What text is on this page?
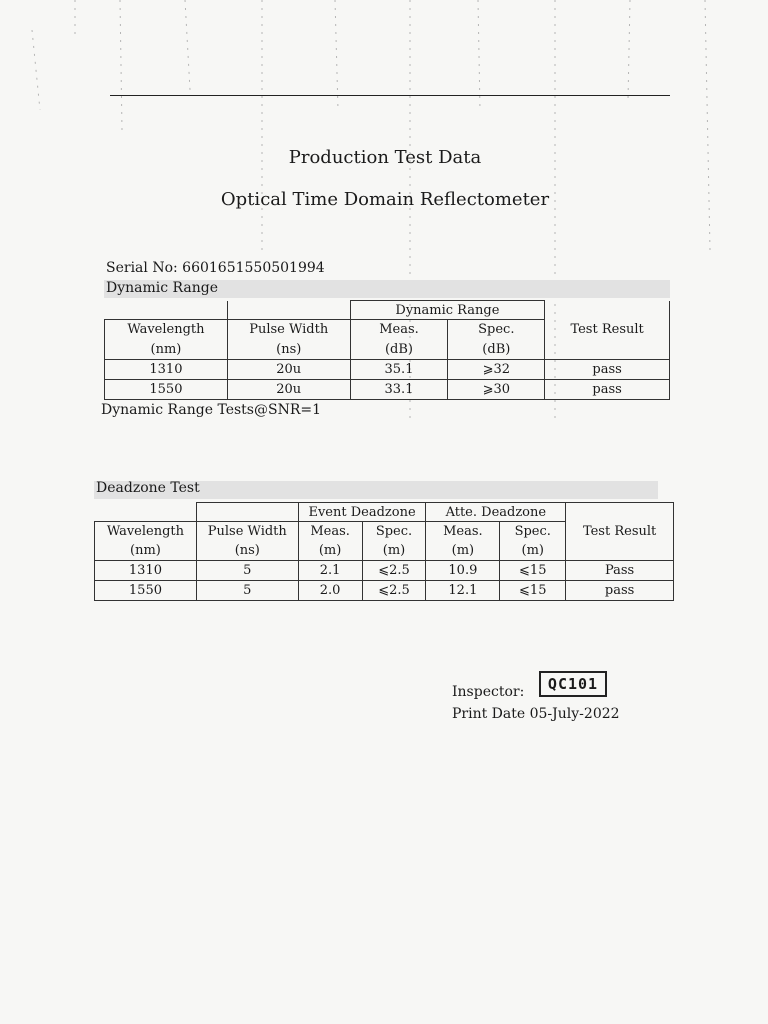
Production Test Data
Optical Time Domain Reflectometer
Serial No: 6601651550501994
Dynamic Range
		Dynamic Range		Test Result
Wavelength	Pulse Width	Meas.	Spec.	
(nm)	(ns)	(dB)	(dB)	
1310	20u	35.1	⩾32	pass
1550	20u	33.1	⩾30	pass
Dynamic Range Tests@SNR=1
Deadzone Test
		Event Deadzone		Atte. Deadzone		Test Result
Wavelength	Pulse Width	Meas.	Spec.	Meas.	Spec.	
(nm)	(ns)	(m)	(m)	(m)	(m)	
1310	5	2.1	⩽2.5	10.9	⩽15	Pass
1550	5	2.0	⩽2.5	12.1	⩽15	pass
Inspector:	QC101
Print Date 05-July-2022
